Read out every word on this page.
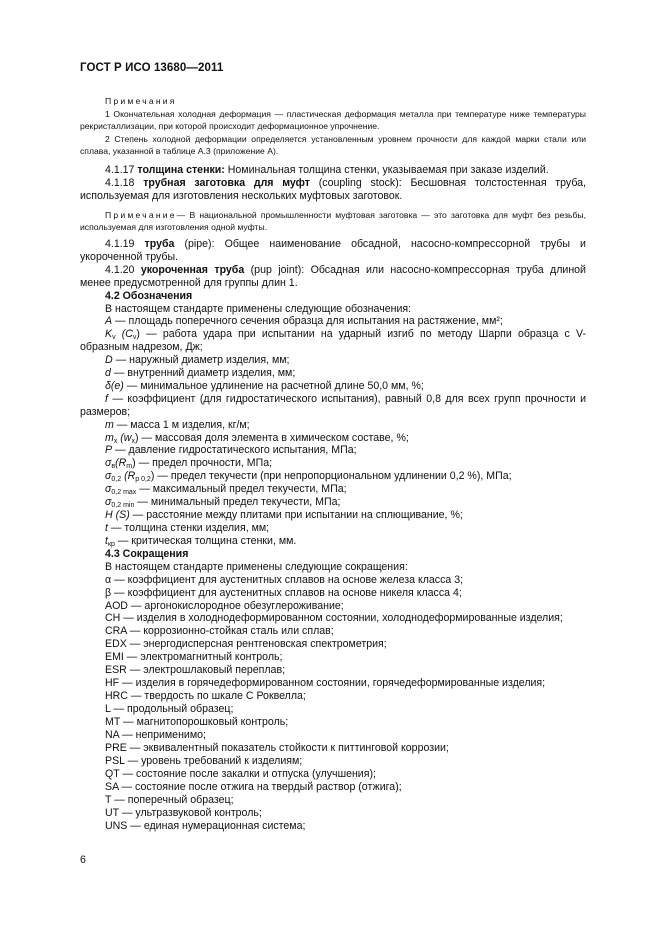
ГОСТ Р ИСО 13680—2011
Примечания

1 Окончательная холодная деформация — пластическая деформация металла при температуре ниже температуры рекристаллизации, при которой происходит деформационное упрочнение.

2 Степень холодной деформации определяется установленным уровнем прочности для каждой марки стали или сплава, указанной в таблице А.3 (приложение А).

4.1.17 толщина стенки: Номинальная толщина стенки, указываемая при заказе изделий.

4.1.18 трубная заготовка для муфт (coupling stock): Бесшовная толстостенная труба, используемая для изготовления нескольких муфтовых заготовок.

Примечание— В национальной промышленности муфтовая заготовка — это заготовка для муфт без резьбы, используемая для изготовления одной муфты.

4.1.19 труба (pipe): Общее наименование обсадной, насосно-компрессорной трубы и укороченной трубы.

4.1.20 укороченная труба (pup joint): Обсадная или насосно-компрессорная труба длиной менее предусмотренной для группы длин 1.

4.2 Обозначения

В настоящем стандарте применены следующие обозначения:

A — площадь поперечного сечения образца для испытания на растяжение, мм²;
$K_v$ $(C_v)$ — работа удара при испытании на ударный изгиб по методу Шарпи образца с V-образным надрезом, Дж;
D — наружный диаметр изделия, мм;
d — внутренний диаметр изделия, мм;
δ(e) — минимальное удлинение на расчетной длине 50,0 мм, %;
f — коэффициент (для гидростатического испытания), равный 0,8 для всех групп прочности и размеров;
m — масса 1 м изделия, кг/м;
$m_x$ $(w_x)$ — массовая доля элемента в химическом составе, %;
P — давление гидростатического испытания, МПа;
$\sigma_в(R_m)$ — предел прочности, МПа;
$\sigma_{0,2}$ $(R_{p 0,2})$ — предел текучести (при непропорциональном удлинении 0,2 %), МПа;
$\sigma_{0,2 max}$ — максимальный предел текучести, МПа;
$\sigma_{0,2 min}$ — минимальный предел текучести, МПа;
H (S) — расстояние между плитами при испытании на сплющивание, %;
t — толщина стенки изделия, мм;
$t_{кр}$ — критическая толщина стенки, мм.

4.3 Сокращения

В настоящем стандарте применены следующие сокращения:

α — коэффициент для аустенитных сплавов на основе железа класса 3;
β — коэффициент для аустенитных сплавов на основе никеля класса 4;
AOD — аргонокислородное обезуглероживание;
CH — изделия в холоднодеформированном состоянии, холоднодеформированные изделия;
CRA — коррозионно-стойкая сталь или сплав;
EDX — энергодисперсная рентгеновская спектрометрия;
EMI — электромагнитный контроль;
ESR — электрошлаковый переплав;
HF — изделия в горячедеформированном состоянии, горячедеформированные изделия;
HRC — твердость по шкале С Роквелла;
L — продольный образец;
MT — магнитопорошковый контроль;
NA — неприменимо;
PRE — эквивалентный показатель стойкости к питтинговой коррозии;
PSL — уровень требований к изделиям;
QT — состояние после закалки и отпуска (улучшения);
SA — состояние после отжига на твердый раствор (отжига);
T — поперечный образец;
UT — ультразвуковой контроль;
UNS — единая нумерационная система;
6
